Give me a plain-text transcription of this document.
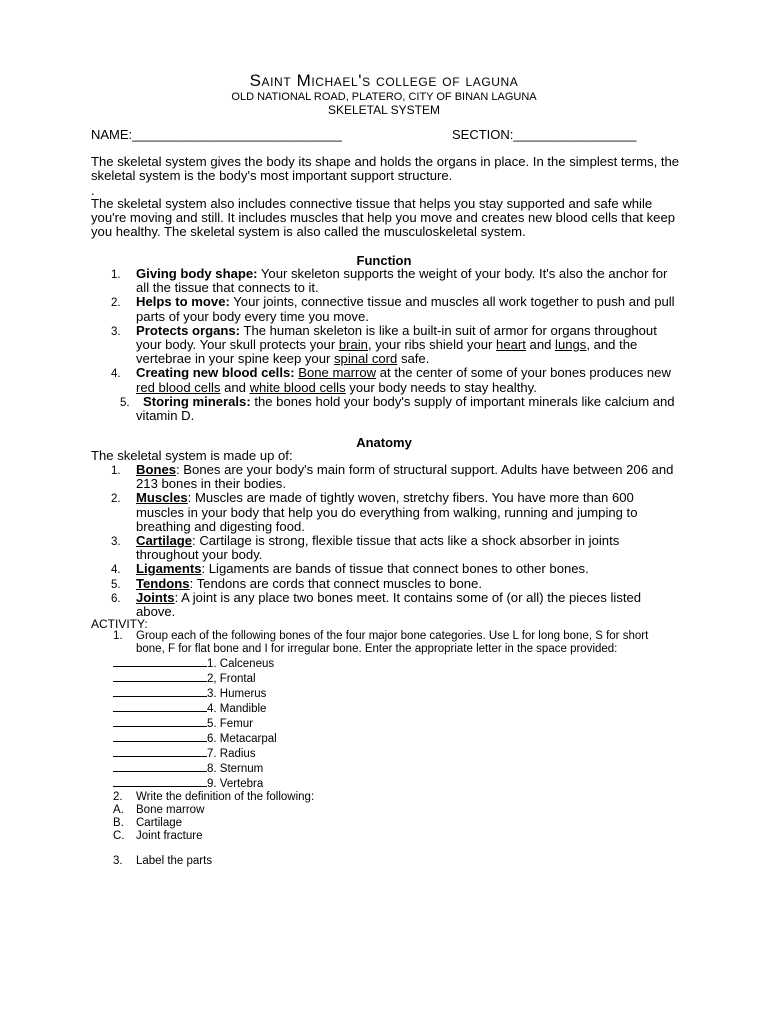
Saint Michael's college of laguna
OLD NATIONAL ROAD, PLATERO, CITY OF BINAN LAGUNA
SKELETAL SYSTEM
NAME:_____________________________	SECTION:_________________

The skeletal system gives the body its shape and holds the organs in place. In the simplest terms, the skeletal system is the body's most important support structure.

.

The skeletal system also includes connective tissue that helps you stay supported and safe while you're moving and still. It includes muscles that help you move and creates new blood cells that keep you healthy. The skeletal system is also called the musculoskeletal system.

Function
1. Giving body shape: Your skeleton supports the weight of your body. It's also the anchor for all the tissue that connects to it.
2. Helps to move: Your joints, connective tissue and muscles all work together to push and pull parts of your body every time you move.
3. Protects organs: The human skeleton is like a built-in suit of armor for organs throughout your body. Your skull protects your brain, your ribs shield your heart and lungs, and the vertebrae in your spine keep your spinal cord safe.
4. Creating new blood cells: Bone marrow at the center of some of your bones produces new red blood cells and white blood cells your body needs to stay healthy.
5. Storing minerals: the bones hold your body's supply of important minerals like calcium and vitamin D.
Anatomy

The skeletal system is made up of:

1. Bones: Bones are your body's main form of structural support. Adults have between 206 and 213 bones in their bodies.
2. Muscles: Muscles are made of tightly woven, stretchy fibers. You have more than 600 muscles in your body that help you do everything from walking, running and jumping to breathing and digesting food.
3. Cartilage: Cartilage is strong, flexible tissue that acts like a shock absorber in joints throughout your body.
4. Ligaments: Ligaments are bands of tissue that connect bones to other bones.
5. Tendons: Tendons are cords that connect muscles to bone.
6. Joints: A joint is any place two bones meet. It contains some of (or all) the pieces listed above.
ACTIVITY:
1. Group each of the following bones of the four major bone categories. Use L for long bone, S for short bone, F for flat bone and I for irregular bone. Enter the appropriate letter in the space provided:
1. Calceneus
2, Frontal
3. Humerus
4. Mandible
5. Femur
6. Metacarpal
7. Radius
8. Sternum
9. Vertebra
2. Write the definition of the following:
A. Bone marrow
B. Cartilage
C. Joint fracture
3. Label the parts
